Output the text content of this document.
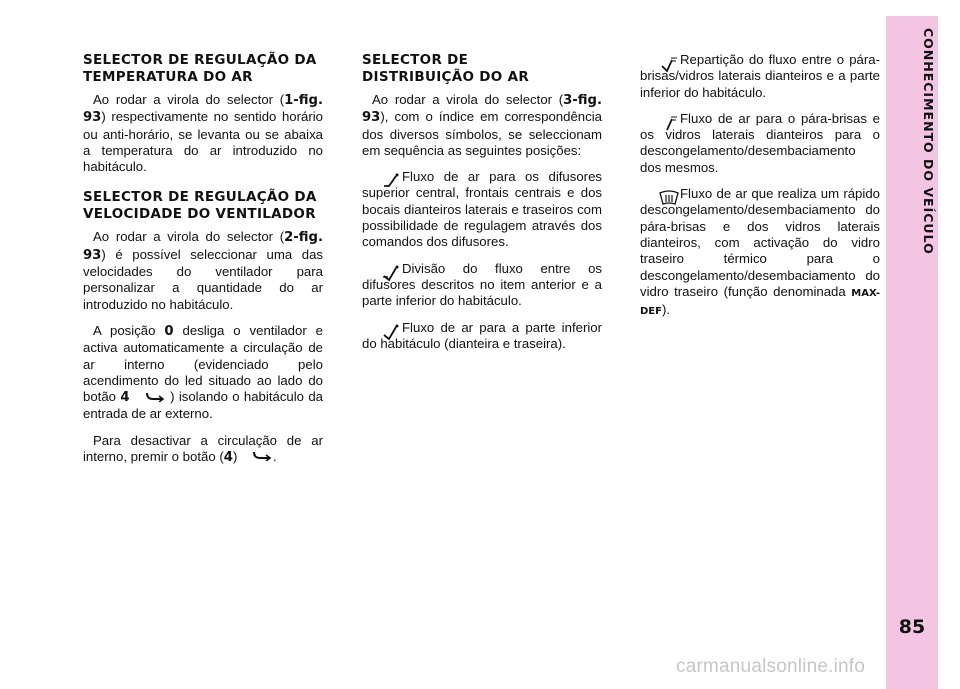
SELECTOR DE REGULAÇÃO DA TEMPERATURA DO AR

Ao rodar a virola do selector (1-fig. 93) respectivamente no sentido horário ou anti-horário, se levanta ou se abaixa a temperatura do ar introduzido no habitáculo.

SELECTOR DE REGULAÇÃO DA VELOCIDADE DO VENTILADOR

Ao rodar a virola do selector (2-fig. 93) é possível seleccionar uma das velocidades do ventilador para personalizar a quantidade do ar introduzido no habitáculo.

A posição 0 desliga o ventilador e activa automaticamente a circulação de ar interno (evidenciado pelo acendimento do led situado ao lado do botão 4	) isolando o habitáculo da entrada de ar externo.

Para desactivar a circulação de ar interno, premir o botão (4)	.

SELECTOR DE DISTRIBUIÇÃO DO AR

Ao rodar a virola do selector (3-fig. 93), com o índice em correspondência dos diversos símbolos, se seleccionam em sequência as seguintes posições:

Fluxo de ar para os difusores superior central, frontais centrais e dos bocais dianteiros laterais e traseiros com possibilidade de regulagem através dos comandos dos difusores.

Divisão do fluxo entre os difusores descritos no item anterior e a parte inferior do habitáculo.

Fluxo de ar para a parte inferior do habitáculo (dianteira e traseira).

Repartição do fluxo entre o pára-brisas/vidros laterais dianteiros e a parte inferior do habitáculo.

Fluxo de ar para o pára-brisas e os vidros laterais dianteiros para o descongelamento/desembaciamento dos mesmos.

Fluxo de ar que realiza um rápido descongelamento/desembaciamento do pára-brisas e dos vidros laterais dianteiros, com activação do vidro traseiro térmico para o descongelamento/desembaciamento do vidro traseiro (função denominada MAX-DEF).

CONHECIMENTO DO VEÍCULO
85
carmanualsonline.info
